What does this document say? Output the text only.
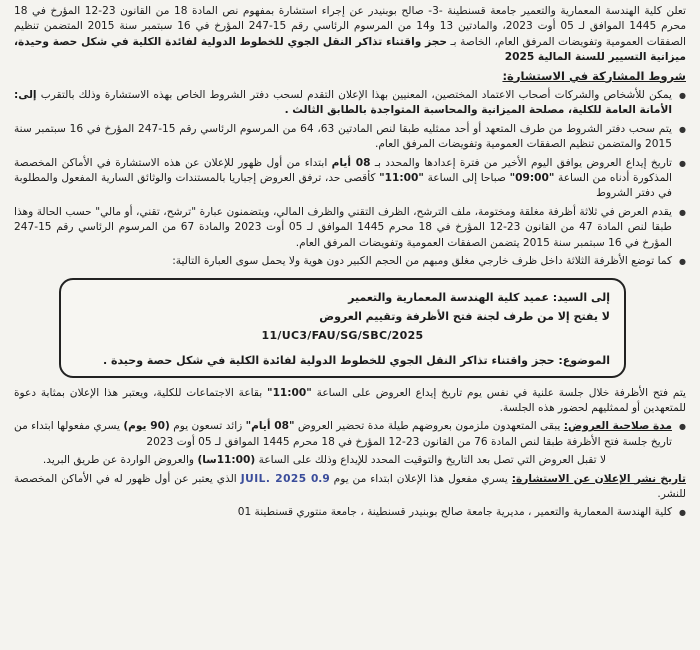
تعلن كلية الهندسة المعمارية والتعمير جامعة قسنطينة -3- صالح بوبنيدر عن إجراء استشارة بمفهوم نص المادة 18 من القانون 23-12 المؤرخ في 18 محرم 1445 الموافق لـ 05 أوت 2023، والمادتين 13 و14 من المرسوم الرئاسي رقم 15-247 المؤرخ في 16 سبتمبر سنة 2015 المتضمن تنظيم الصفقات العمومية وتفويضات المرفق العام، الخاصة بـ حجز واقتناء تذاكر النقل الجوي للخطوط الدولية لفائدة الكلية في شكل حصة وحيدة، ميزانية التسيير للسنة المالية 2025

شروط المشاركة في الاستشارة:

● يمكن للأشخاص والشركات أصحاب الاعتماد المختصين، المعنيين بهذا الإعلان التقدم لسحب دفتر الشروط الخاص بهذه الاستشارة وذلك بالتقرب إلى: الأمانة العامة للكلية، مصلحة الميزانية والمحاسبة المتواجدة بالطابق الثالث .

● يتم سحب دفتر الشروط من طرف المتعهد أو أحد ممثليه طبقا لنص المادتين 63، 64 من المرسوم الرئاسي رقم 15-247 المؤرخ في 16 سبتمبر سنة 2015 والمتضمن تنظيم الصفقات العمومية وتفويضات المرفق العام.

● تاريخ إيداع العروض يوافق اليوم الأخير من فترة إعدادها والمحدد بـ 08 أيام ابتداء من أول ظهور للإعلان عن هذه الاستشارة في الأماكن المخصصة المذكورة أدناه من الساعة "09:00" صباحا إلى الساعة "11:00" كأقصى حد، ترفق العروض إجباريا بالمستندات والوثائق السارية المفعول والمطلوبة في دفتر الشروط

● يقدم العرض في ثلاثة أظرفة مغلقة ومختومة، ملف الترشح، الظرف التقني والظرف المالي، ويتضمنون عبارة "ترشح، تقني، أو مالي" حسب الحالة وهذا طبقا لنص المادة 47 من القانون 23-12 المؤرخ في 18 محرم 1445 الموافق لـ 05 أوت 2023 والمادة 67 من المرسوم الرئاسي رقم 15-247 المؤرخ في 16 سبتمبر سنة 2015 يتضمن الصفقات العمومية وتفويضات المرفق العام.

● كما توضع الأظرفة الثلاثة داخل ظرف خارجي مغلق ومبهم من الحجم الكبير دون هوية ولا يحمل سوى العبارة التالية:

إلى السيد: عميد كلية الهندسة المعمارية والتعمير
لا يفتح إلا من طرف لجنة فتح الأظرفة وتقييم العروض
11/UC3/FAU/SG/SBC/2025
الموضوع: حجز واقتناء تذاكر النقل الجوي للخطوط الدولية لفائدة الكلية في شكل حصة وحيدة .

يتم فتح الأظرفة خلال جلسة علنية في نفس يوم تاريخ إيداع العروض على الساعة "11:00" بقاعة الاجتماعات للكلية، ويعتبر هذا الإعلان بمثابة دعوة للمتعهدين أو لممثليهم لحضور هذه الجلسة.

● مدة صلاحية العروض: يبقى المتعهدون ملزمون بعروضهم طيلة مدة تحضير العروض "08 أيام" زائد تسعون يوم (90 يوم) يسري مفعولها ابتداء من تاريخ جلسة فتح الأظرفة طبقا لنص المادة 76 من القانون 23-12 المؤرخ في 18 محرم 1445 الموافق لـ 05 أوت 2023

لا تقبل العروض التي تصل بعد التاريخ والتوقيت المحدد للإيداع وذلك على الساعة (11:00سا) والعروض الواردة عن طريق البريد.

تاريخ نشر الإعلان عن الاستشارة: يسري مفعول هذا الإعلان ابتداء من يوم 0.9 JUIL. 2025 الذي يعتبر عن أول ظهور له في الأماكن المخصصة للنشر.

● كلية الهندسة المعمارية والتعمير ، مديرية جامعة صالح بوبنيدر قسنطينة ، جامعة منتوري قسنطينة 01
